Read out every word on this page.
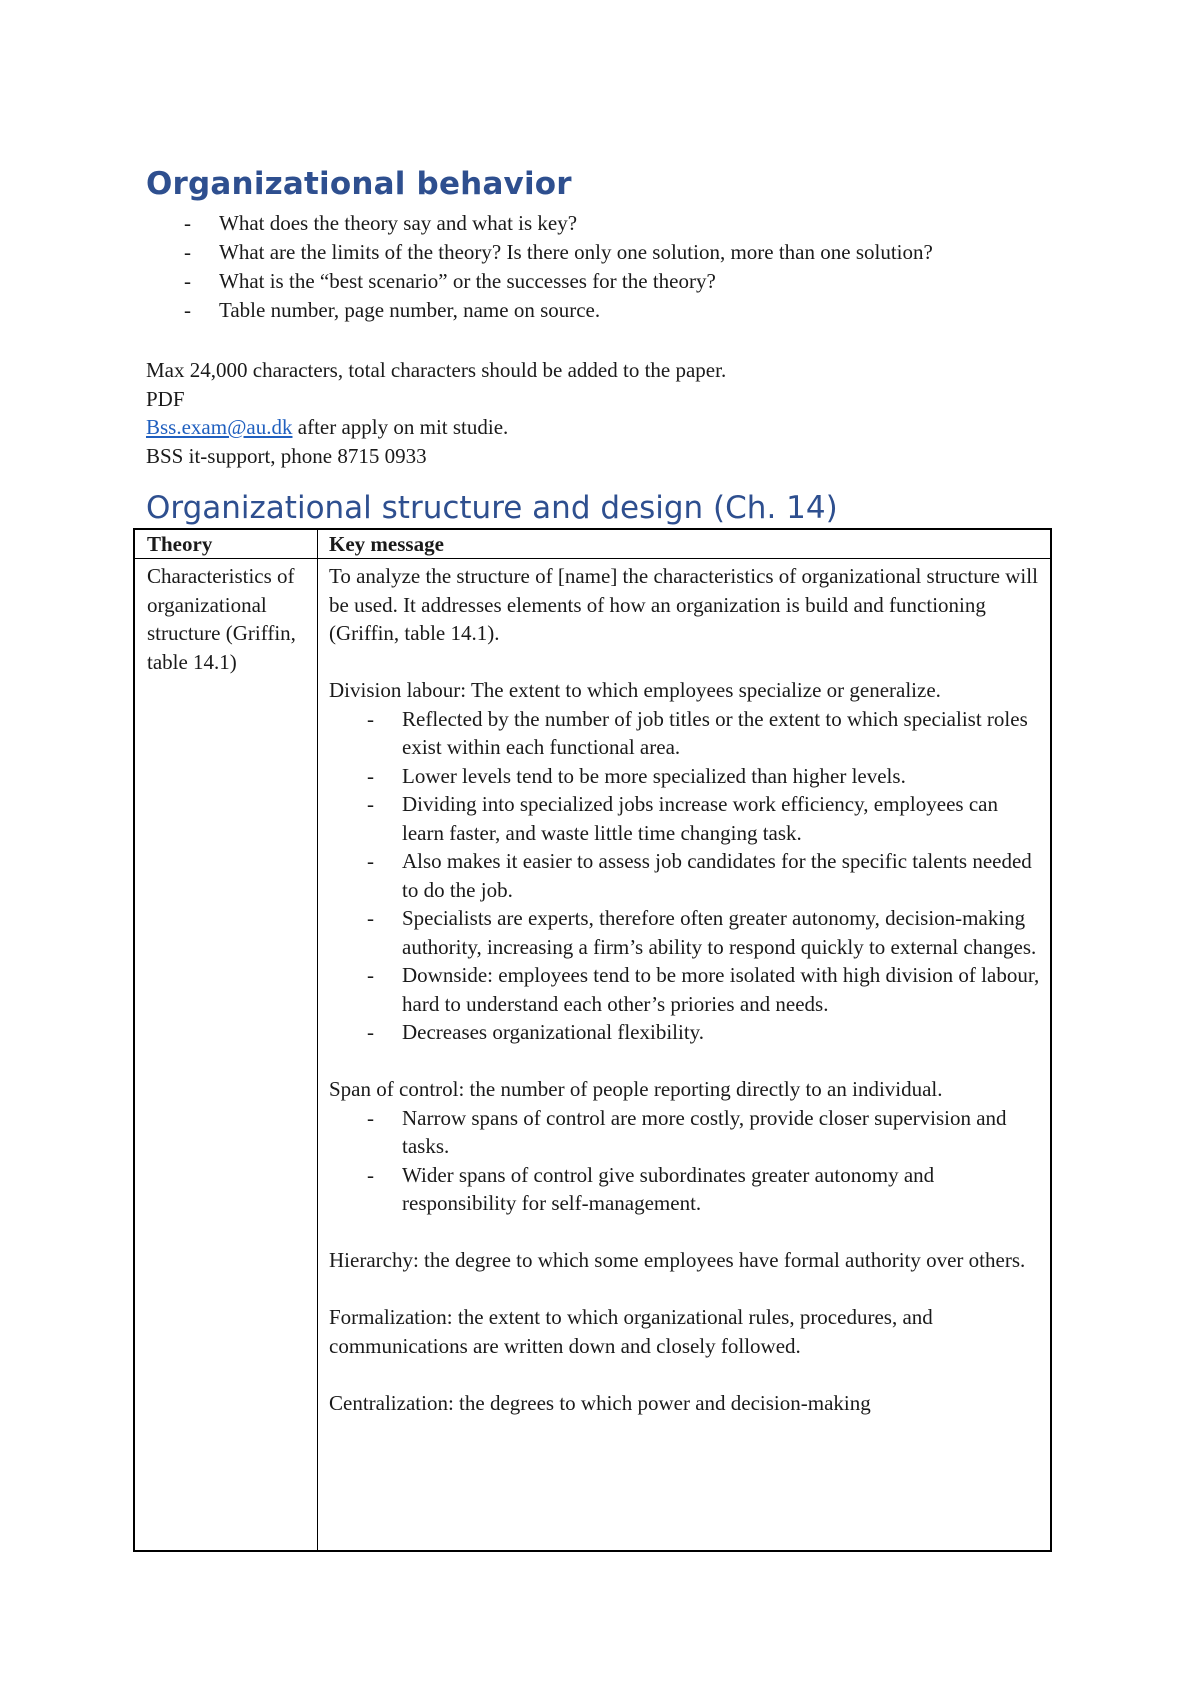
Organizational behavior
- What does the theory say and what is key?
- What are the limits of the theory? Is there only one solution, more than one solution?
- What is the “best scenario” or the successes for the theory?
- Table number, page number, name on source.
Max 24,000 characters, total characters should be added to the paper.
PDF
Bss.exam@au.dk after apply on mit studie.
BSS it-support, phone 8715 0933
Organizational structure and design (Ch. 14)
Theory	Key message
Characteristics of organizational structure (Griffin, table 14.1)

To analyze the structure of [name] the characteristics of organizational structure will be used. It addresses elements of how an organization is build and functioning (Griffin, table 14.1).

Division labour: The extent to which employees specialize or generalize.

- Reflected by the number of job titles or the extent to which specialist roles exist within each functional area.
- Lower levels tend to be more specialized than higher levels.
- Dividing into specialized jobs increase work efficiency, employees can learn faster, and waste little time changing task.
- Also makes it easier to assess job candidates for the specific talents needed to do the job.
- Specialists are experts, therefore often greater autonomy, decision-making authority, increasing a firm’s ability to respond quickly to external changes.
- Downside: employees tend to be more isolated with high division of labour, hard to understand each other’s priories and needs.
- Decreases organizational flexibility.

Span of control: the number of people reporting directly to an individual.

- Narrow spans of control are more costly, provide closer supervision and tasks.
- Wider spans of control give subordinates greater autonomy and responsibility for self-management.

Hierarchy: the degree to which some employees have formal authority over others.

Formalization: the extent to which organizational rules, procedures, and communications are written down and closely followed.

Centralization: the degrees to which power and decision-making
